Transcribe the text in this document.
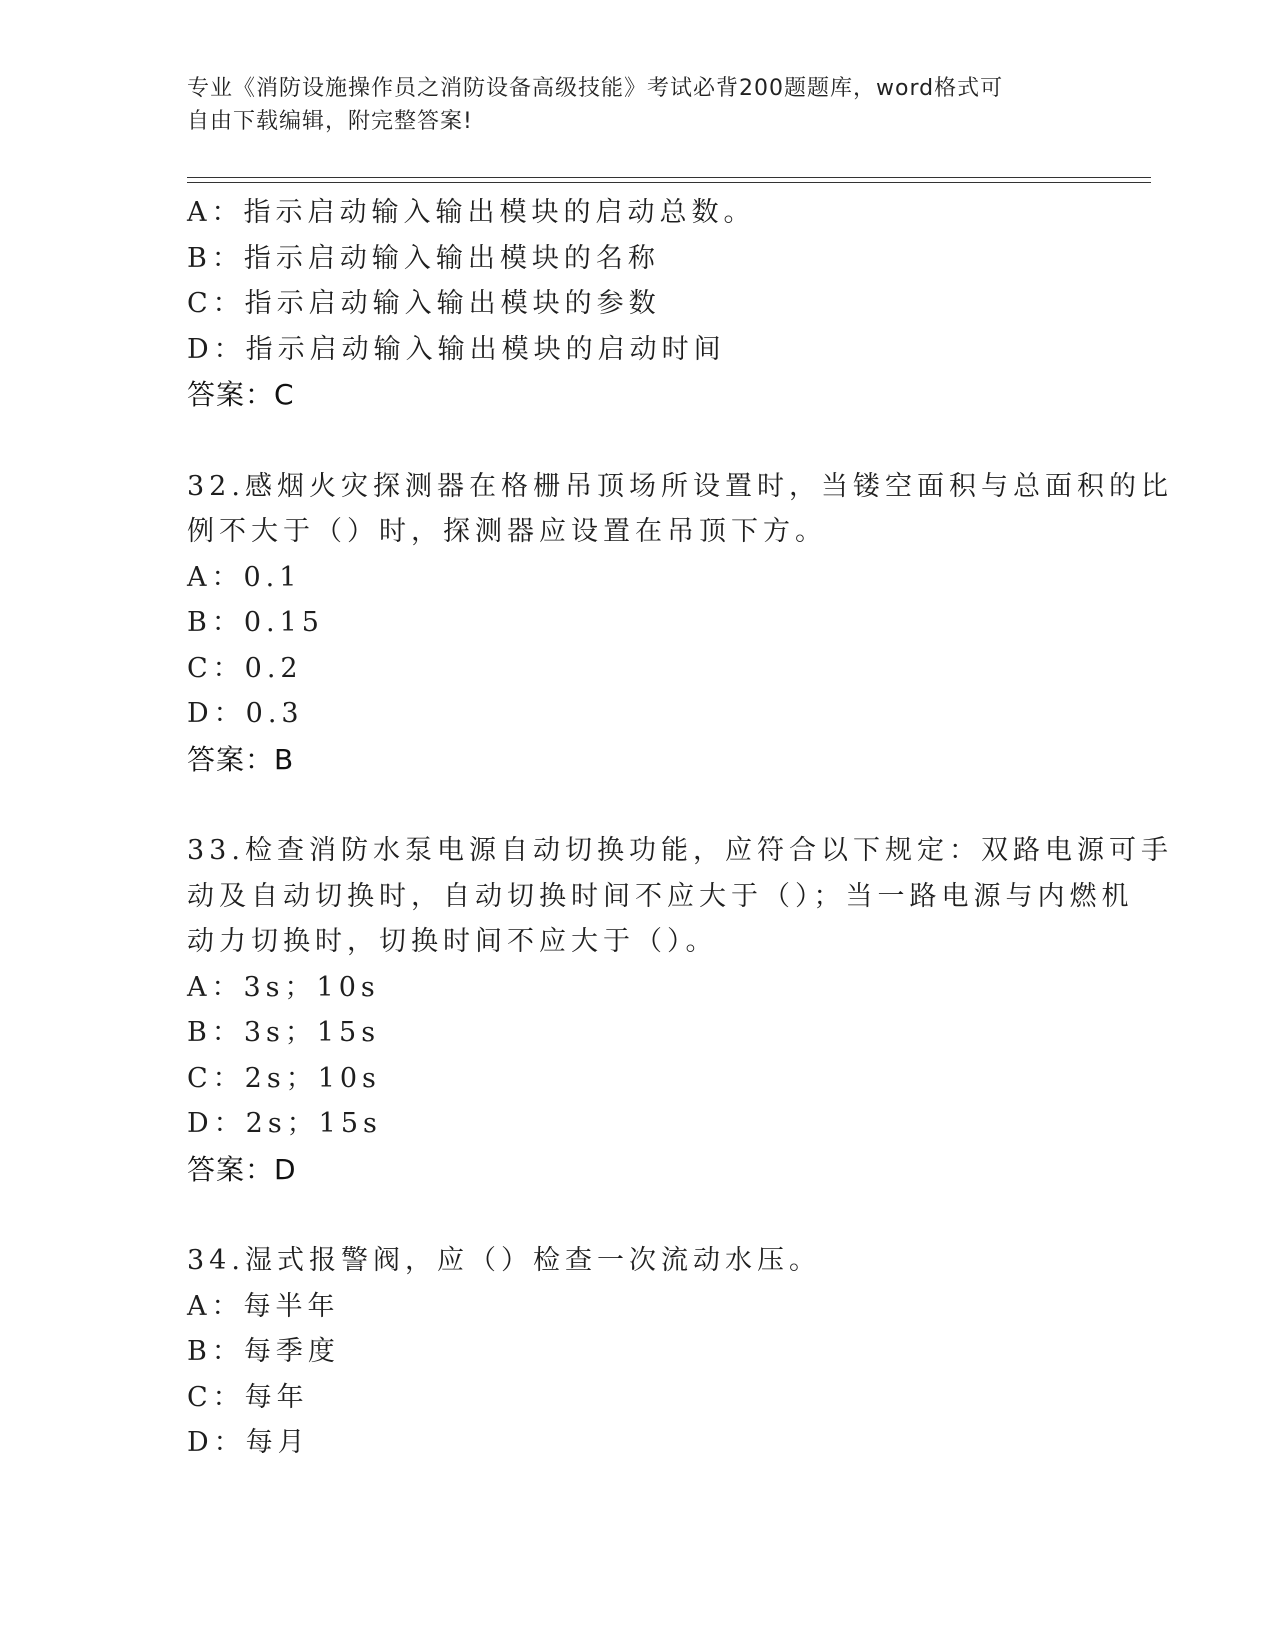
专业《消防设施操作员之消防设备高级技能》考试必背200题题库，word格式可
自由下载编辑，附完整答案!
A：指示启动输入输出模块的启动总数。
B：指示启动输入输出模块的名称
C：指示启动输入输出模块的参数
D：指示启动输入输出模块的启动时间
答案：C
32.感烟火灾探测器在格栅吊顶场所设置时，当镂空面积与总面积的比
例不大于（）时，探测器应设置在吊顶下方。
A：0.1
B：0.15
C：0.2
D：0.3
答案：B
33.检查消防水泵电源自动切换功能，应符合以下规定：双路电源可手
动及自动切换时，自动切换时间不应大于（）；当一路电源与内燃机
动力切换时，切换时间不应大于（）。
A：3s；10s
B：3s；15s
C：2s；10s
D：2s；15s
答案：D
34.湿式报警阀，应（）检查一次流动水压。
A：每半年
B：每季度
C：每年
D：每月
